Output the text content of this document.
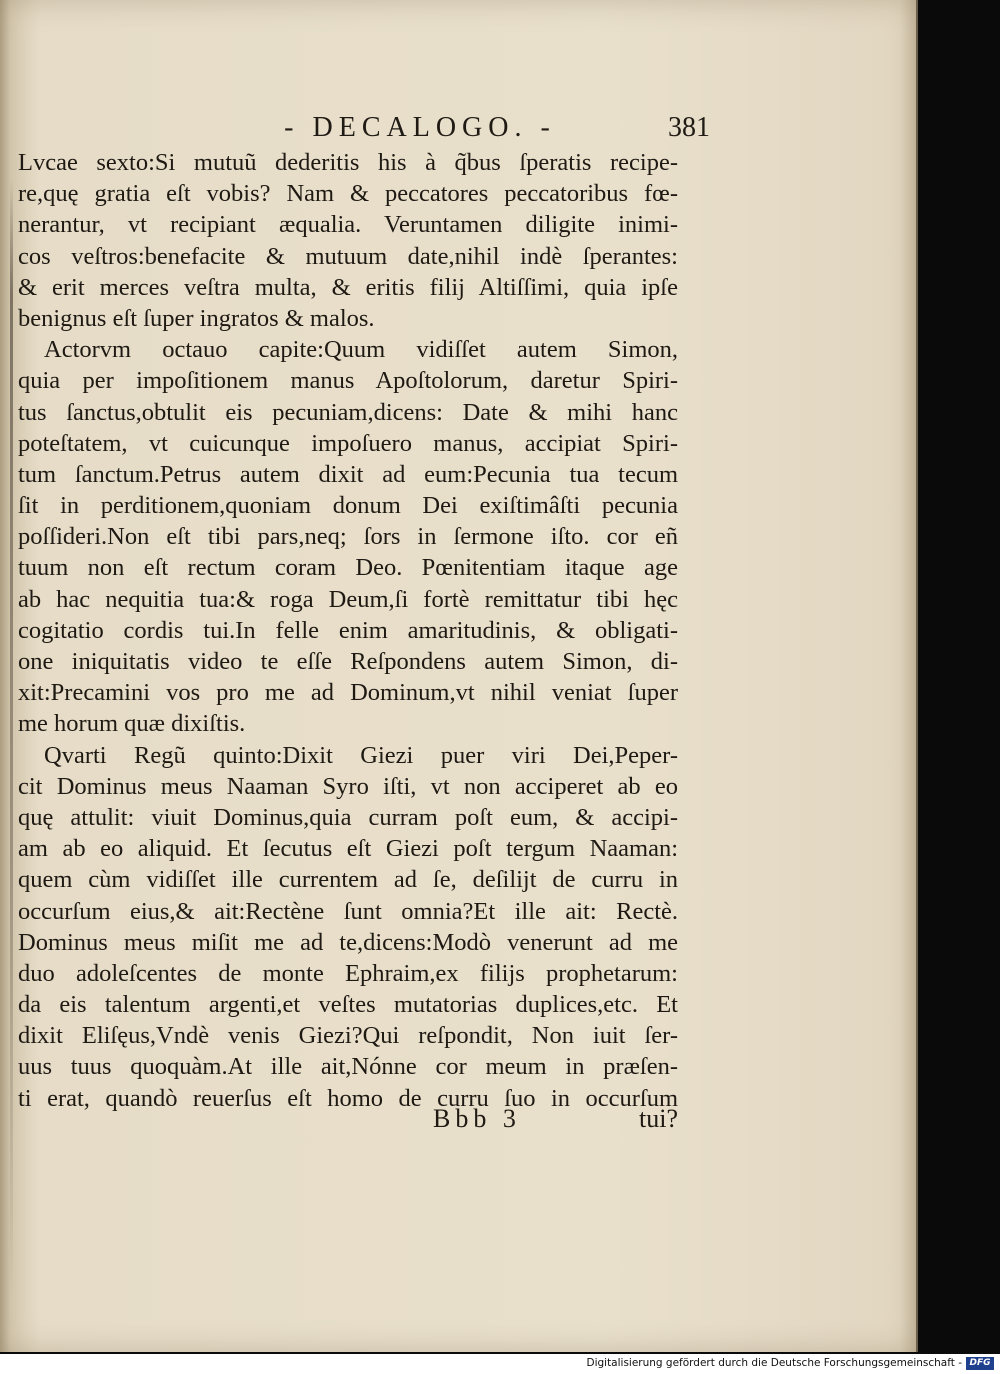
- DECALOGO. -	381
Lvcae sexto:Si mutuũ dederitis his à q̃bus ſperatis recipe-
re,quę gratia eſt vobis? Nam & peccatores peccatoribus fœ-
nerantur, vt recipiant æqualia. Veruntamen diligite inimi-
cos veſtros:benefacite & mutuum date,nihil indè ſperantes:
& erit merces veſtra multa, & eritis filij Altiſſimi, quia ipſe
benignus eſt ſuper ingratos & malos.
Actorvm octauo capite:Quum vidiſſet autem Simon,
quia per impoſitionem manus Apoſtolorum, daretur Spiri-
tus ſanctus,obtulit eis pecuniam,dicens: Date & mihi hanc
poteſtatem, vt cuicunque impoſuero manus, accipiat Spiri-
tum ſanctum.Petrus autem dixit ad eum:Pecunia tua tecum
ſit in perditionem,quoniam donum Dei exiſtimâſti pecunia
poſſideri.Non eſt tibi pars,neq; ſors in ſermone iſto. cor eñ
tuum non eſt rectum coram Deo. Pœnitentiam itaque age
ab hac nequitia tua:& roga Deum,ſi fortè remittatur tibi hęc
cogitatio cordis tui.In felle enim amaritudinis, & obligati-
one iniquitatis video te eſſe Reſpondens autem Simon, di-
xit:Precamini vos pro me ad Dominum,vt nihil veniat ſuper
me horum quæ dixiſtis.
Qvarti Regũ quinto:Dixit Giezi puer viri Dei,Peper-
cit Dominus meus Naaman Syro iſti, vt non acciperet ab eo
quę attulit: viuit Dominus,quia curram poſt eum, & accipi-
am ab eo aliquid. Et ſecutus eſt Giezi poſt tergum Naaman:
quem cùm vidiſſet ille currentem ad ſe, deſilijt de curru in
occurſum eius,& ait:Rectène ſunt omnia?Et ille ait: Rectè.
Dominus meus miſit me ad te,dicens:Modò venerunt ad me
duo adoleſcentes de monte Ephraim,ex filijs prophetarum:
da eis talentum argenti,et veſtes mutatorias duplices,etc. Et
dixit Eliſęus,Vndè venis Giezi?Qui reſpondit, Non iuit ſer-
uus tuus quoquàm.At ille ait,Nónne cor meum in præſen-
ti erat, quandò reuerſus eſt homo de curru ſuo in occurſum
Bbb 3	tui?
Digitalisierung gefördert durch die Deutsche Forschungsgemeinschaft - DFG
